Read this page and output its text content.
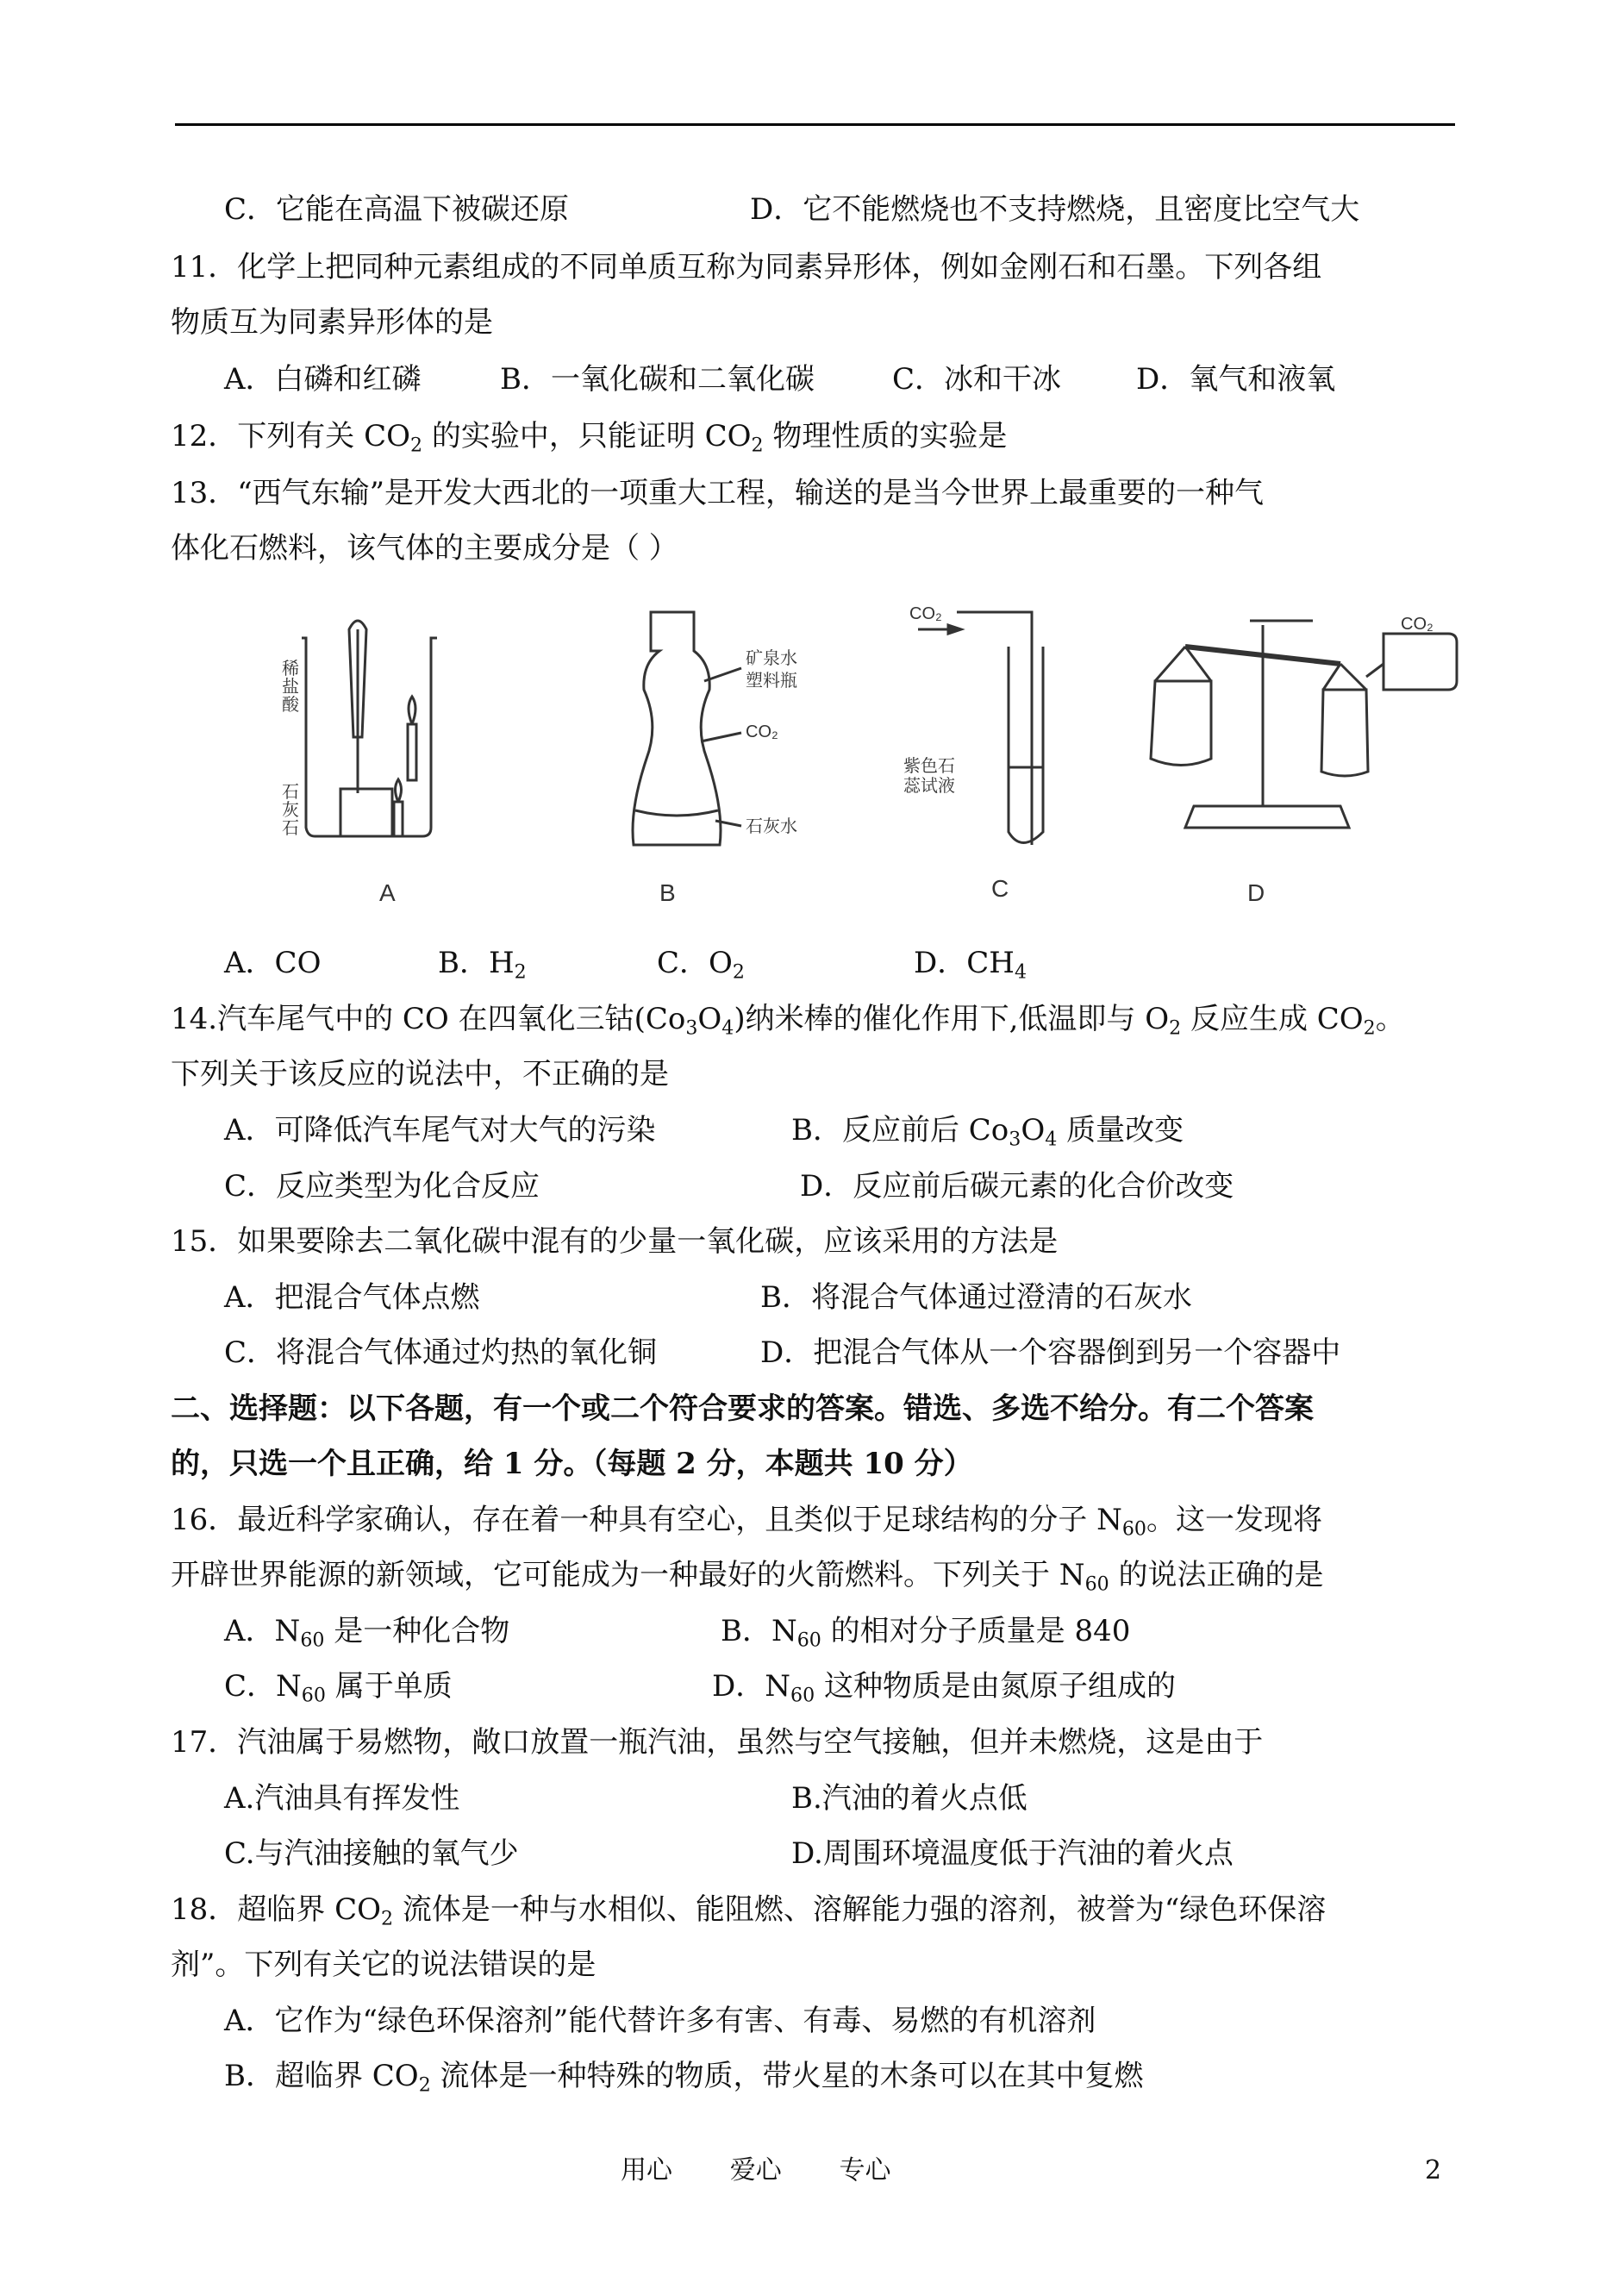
C．它能在高温下被碳还原	D．它不能燃烧也不支持燃烧，且密度比空气大
11．化学上把同种元素组成的不同单质互称为同素异形体，例如金刚石和石墨。下列各组
物质互为同素异形体的是
A．白磷和红磷	B．一氧化碳和二氧化碳	C．冰和干冰	D．氧气和液氧
12．下列有关 $CO_2$ 的实验中，只能证明 $CO_2$ 物理性质的实验是
13．“西气东输”是开发大西北的一项重大工程，输送的是当今世界上最重要的一种气
体化石燃料，该气体的主要成分是（ ）
稀
盐
酸
石
灰
石
A
矿泉水
塑料瓶
CO₂
石灰水
B
CO₂
紫色石
蕊试液
C
CO₂
D
A．CO	B．$H_2$	C．$O_2$	D．$CH_4$
14.汽车尾气中的 CO 在四氧化三钴$(Co_3O_4)$纳米棒的催化作用下,低温即与 $O_2$ 反应生成 $CO_2$。
下列关于该反应的说法中，不正确的是
A．可降低汽车尾气对大气的污染	B．反应前后 $Co_3O_4$ 质量改变
C．反应类型为化合反应	D．反应前后碳元素的化合价改变
15．如果要除去二氧化碳中混有的少量一氧化碳，应该采用的方法是
A．把混合气体点燃	B．将混合气体通过澄清的石灰水
C．将混合气体通过灼热的氧化铜	D．把混合气体从一个容器倒到另一个容器中
二、选择题：以下各题，有一个或二个符合要求的答案。错选、多选不给分。有二个答案
的，只选一个且正确，给 1 分。（每题 2 分，本题共 10 分）
16．最近科学家确认，存在着一种具有空心，且类似于足球结构的分子 $N_{60}$。这一发现将
开辟世界能源的新领域，它可能成为一种最好的火箭燃料。下列关于 $N_{60}$ 的说法正确的是
A．$N_{60}$ 是一种化合物	B．$N_{60}$ 的相对分子质量是 840
C．$N_{60}$ 属于单质	D．$N_{60}$ 这种物质是由氮原子组成的
17．汽油属于易燃物，敞口放置一瓶汽油，虽然与空气接触，但并未燃烧，这是由于
A.汽油具有挥发性	B.汽油的着火点低
C.与汽油接触的氧气少	D.周围环境温度低于汽油的着火点
18．超临界 $CO_2$ 流体是一种与水相似、能阻燃、溶解能力强的溶剂，被誉为“绿色环保溶
剂”。下列有关它的说法错误的是
A．它作为“绿色环保溶剂”能代替许多有害、有毒、易燃的有机溶剂
B．超临界 $CO_2$ 流体是一种特殊的物质，带火星的木条可以在其中复燃
用心       爱心       专心	2
